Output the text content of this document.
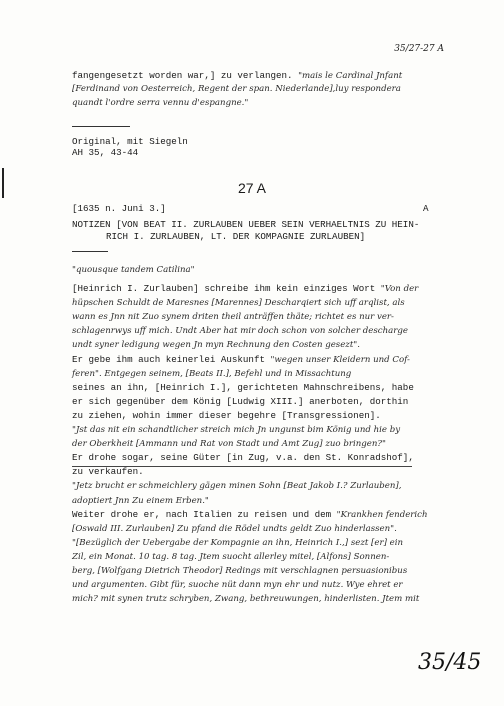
35/27-27 A
fangengesetzt worden war,] zu verlangen. "mais le Cardinal Jnfant
[Ferdinand von Oesterreich, Regent der span. Niederlande],luy respondera
quandt l'ordre serra vennu d'espangne."
Original, mit Siegeln
AH 35, 43-44
27 A
[1635 n. Juni 3.]	A
NOTIZEN [VON BEAT II. ZURLAUBEN UEBER SEIN VERHAELTNIS ZU HEIN-
RICH I. ZURLAUBEN, LT. DER KOMPAGNIE ZURLAUBEN]
"quousque tandem Catilina"
[Heinrich I. Zurlauben] schreibe ihm kein einziges Wort "Von der
hüpschen Schuldt de Maresnes [Marennes] Descharqiert sich uff arqlist, als
wann es Jnn nit Zuo synem driten theil anträffen thäte; richtet es nur ver-
schlagenrwys uff mich. Undt Aber hat mir doch schon von solcher descharge
undt syner ledigung wegen Jn myn Rechnung den Costen gesezt".
Er gebe ihm auch keinerlei Auskunft "wegen unser Kleidern und Cof-
feren". Entgegen seinem, [Beats II.], Befehl und in Missachtung
seines an ihn, [Heinrich I.], gerichteten Mahnschreibens, habe
er sich gegenüber dem König [Ludwig XIII.] anerboten, dorthin
zu ziehen, wohin immer dieser begehre [Transgressionen].
"Jst das nit ein schandtlicher streich mich Jn ungunst bim König und hie by
der Oberkheit [Ammann und Rat von Stadt und Amt Zug] zuo bringen?"
Er drohe sogar, seine Güter [in Zug, v.a. den St. Konradshof],
zu verkaufen.
"Jetz brucht er schmeichlery gägen minen Sohn [Beat Jakob I.? Zurlauben],
adoptiert Jnn Zu einem Erben."
Weiter drohe er, nach Italien zu reisen und dem "Krankhen fenderich
[Oswald III. Zurlauben] Zu pfand die Rödel undts geldt Zuo hinderlassen".
"[Bezüglich der Uebergabe der Kompagnie an ihn, Heinrich I.,] sezt [er] ein
Zil, ein Monat. 10 tag. 8 tag. Jtem suocht allerley mitel, [Alfons] Sonnen-
berg, [Wolfgang Dietrich Theodor] Redings mit verschlagnen persuasionibus
und argumenten. Gibt für, suoche nüt dann myn ehr und nutz. Wye ehret er
mich? mit synen trutz schryben, Zwang, bethreuwungen, hinderlisten. Jtem mit
35/45
